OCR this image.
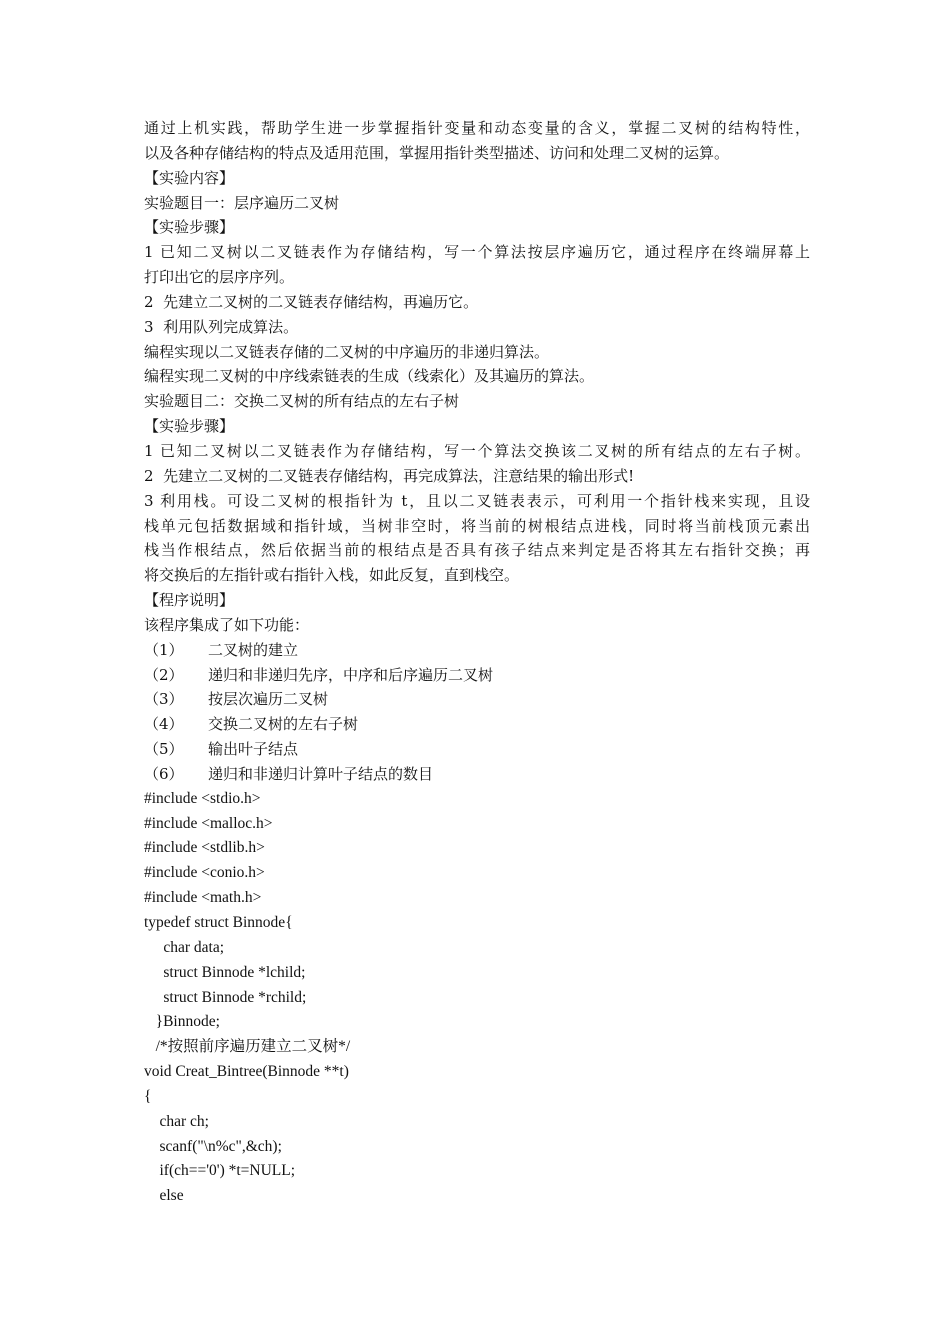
通过上机实践，帮助学生进一步掌握指针变量和动态变量的含义，掌握二叉树的结构特性，
以及各种存储结构的特点及适用范围，掌握用指针类型描述、访问和处理二叉树的运算。
【实验内容】
实验题目一：层序遍历二叉树
【实验步骤】
1 已知二叉树以二叉链表作为存储结构，写一个算法按层序遍历它，通过程序在终端屏幕上
打印出它的层序序列。
2  先建立二叉树的二叉链表存储结构，再遍历它。
3  利用队列完成算法。
编程实现以二叉链表存储的二叉树的中序遍历的非递归算法。
编程实现二叉树的中序线索链表的生成（线索化）及其遍历的算法。
实验题目二：交换二叉树的所有结点的左右子树
【实验步骤】
1 已知二叉树以二叉链表作为存储结构，写一个算法交换该二叉树的所有结点的左右子树。
2  先建立二叉树的二叉链表存储结构，再完成算法，注意结果的输出形式!
3 利用栈。可设二叉树的根指针为 t，且以二叉链表表示，可利用一个指针栈来实现，且设
栈单元包括数据域和指针域，当树非空时，将当前的树根结点进栈，同时将当前栈顶元素出
栈当作根结点，然后依据当前的根结点是否具有孩子结点来判定是否将其左右指针交换；再
将交换后的左指针或右指针入栈，如此反复，直到栈空。
【程序说明】
该程序集成了如下功能：
（1） 二叉树的建立
（2） 递归和非递归先序，中序和后序遍历二叉树
（3） 按层次遍历二叉树
（4） 交换二叉树的左右子树
（5） 输出叶子结点
（6） 递归和非递归计算叶子结点的数目
#include <stdio.h>
#include <malloc.h>
#include <stdlib.h>
#include <conio.h>
#include <math.h>
typedef struct Binnode{
char data;
struct Binnode *lchild;
struct Binnode *rchild;
}Binnode;
/*按照前序遍历建立二叉树*/
void Creat_Bintree(Binnode **t)
{
char ch;
scanf("\n%c",&ch);
if(ch=='0') *t=NULL;
else
